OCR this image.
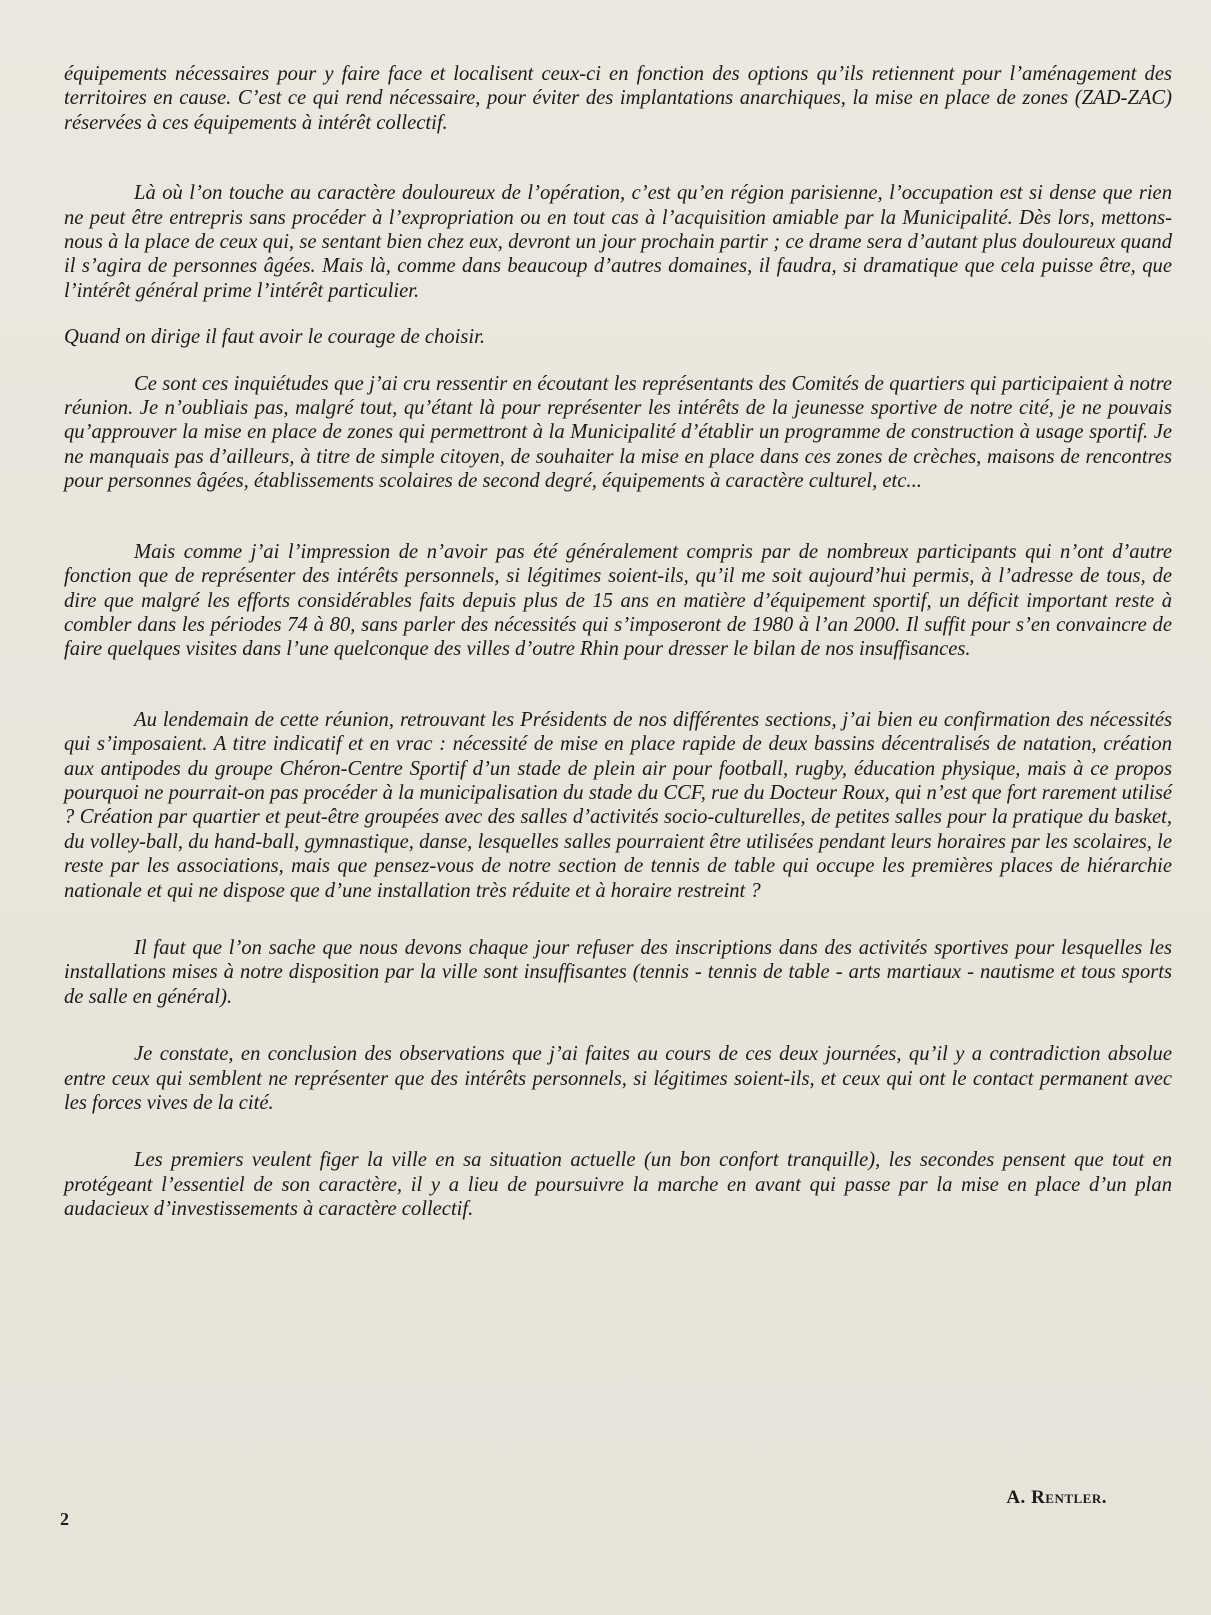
équipements nécessaires pour y faire face et localisent ceux-ci en fonction des options qu’ils retiennent pour l’aménagement des territoires en cause. C’est ce qui rend nécessaire, pour éviter des implantations anarchiques, la mise en place de zones (ZAD-ZAC) réservées à ces équipements à intérêt collectif.

Là où l’on touche au caractère douloureux de l’opération, c’est qu’en région parisienne, l’occupation est si dense que rien ne peut être entrepris sans procéder à l’expropriation ou en tout cas à l’acquisition amiable par la Municipalité. Dès lors, mettons-nous à la place de ceux qui, se sentant bien chez eux, devront un jour prochain partir ; ce drame sera d’autant plus douloureux quand il s’agira de personnes âgées. Mais là, comme dans beaucoup d’autres domaines, il faudra, si dramatique que cela puisse être, que l’intérêt général prime l’intérêt particulier.

Quand on dirige il faut avoir le courage de choisir.

Ce sont ces inquiétudes que j’ai cru ressentir en écoutant les représentants des Comités de quartiers qui participaient à notre réunion. Je n’oubliais pas, malgré tout, qu’étant là pour représenter les intérêts de la jeunesse sportive de notre cité, je ne pouvais qu’approuver la mise en place de zones qui permettront à la Municipalité d’établir un programme de construction à usage sportif. Je ne manquais pas d’ailleurs, à titre de simple citoyen, de souhaiter la mise en place dans ces zones de crèches, maisons de rencontres pour personnes âgées, établissements scolaires de second degré, équipements à caractère culturel, etc...

Mais comme j’ai l’impression de n’avoir pas été généralement compris par de nombreux participants qui n’ont d’autre fonction que de représenter des intérêts personnels, si légitimes soient-ils, qu’il me soit aujourd’hui permis, à l’adresse de tous, de dire que malgré les efforts considérables faits depuis plus de 15 ans en matière d’équipement sportif, un déficit important reste à combler dans les périodes 74 à 80, sans parler des nécessités qui s’imposeront de 1980 à l’an 2000. Il suffit pour s’en convaincre de faire quelques visites dans l’une quelconque des villes d’outre Rhin pour dresser le bilan de nos insuffisances.

Au lendemain de cette réunion, retrouvant les Présidents de nos différentes sections, j’ai bien eu confirmation des nécessités qui s’imposaient. A titre indicatif et en vrac : nécessité de mise en place rapide de deux bassins décentralisés de natation, création aux antipodes du groupe Chéron-Centre Sportif d’un stade de plein air pour football, rugby, éducation physique, mais à ce propos pourquoi ne pourrait-on pas procéder à la municipalisation du stade du CCF, rue du Docteur Roux, qui n’est que fort rarement utilisé ? Création par quartier et peut-être groupées avec des salles d’activités socio-culturelles, de petites salles pour la pratique du basket, du volley-ball, du hand-ball, gymnastique, danse, lesquelles salles pourraient être utilisées pendant leurs horaires par les scolaires, le reste par les associations, mais que pensez-vous de notre section de tennis de table qui occupe les premières places de hiérarchie nationale et qui ne dispose que d’une installation très réduite et à horaire restreint ?

Il faut que l’on sache que nous devons chaque jour refuser des inscriptions dans des activités sportives pour lesquelles les installations mises à notre disposition par la ville sont insuffisantes (tennis - tennis de table - arts martiaux - nautisme et tous sports de salle en général).

Je constate, en conclusion des observations que j’ai faites au cours de ces deux journées, qu’il y a contradiction absolue entre ceux qui semblent ne représenter que des intérêts personnels, si légitimes soient-ils, et ceux qui ont le contact permanent avec les forces vives de la cité.

Les premiers veulent figer la ville en sa situation actuelle (un bon confort tranquille), les secondes pensent que tout en protégeant l’essentiel de son caractère, il y a lieu de poursuivre la marche en avant qui passe par la mise en place d’un plan audacieux d’investissements à caractère collectif.

A. Rentler.
2
